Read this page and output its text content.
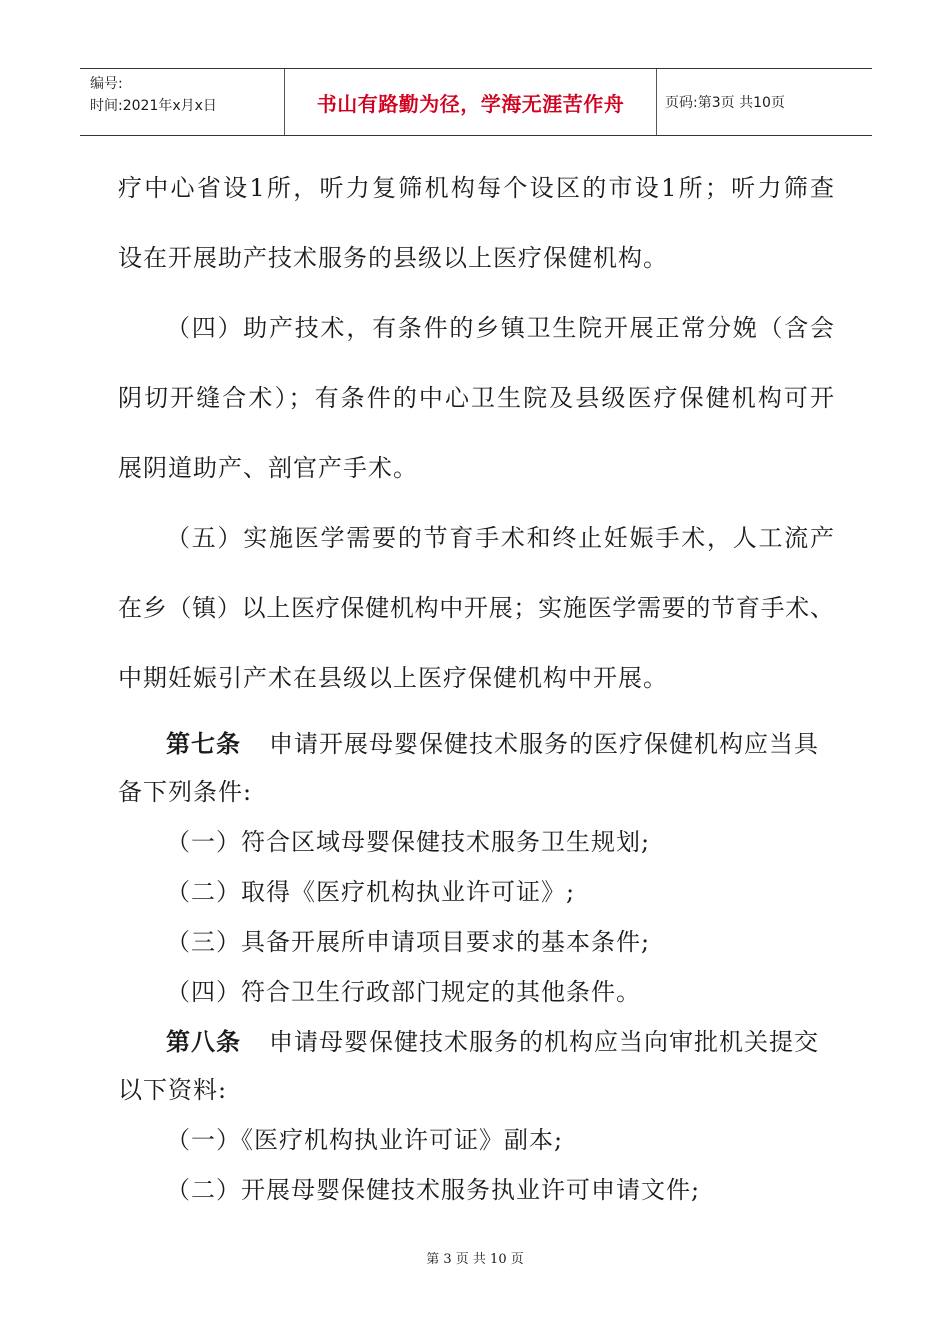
编号:
时间:2021年x月x日	书山有路勤为径，学海无涯苦作舟	页码:第3页 共10页
疗中心省设1所，听力复筛机构每个设区的市设1所；听力筛查
设在开展助产技术服务的县级以上医疗保健机构。
（四）助产技术，有条件的乡镇卫生院开展正常分娩（含会
阴切开缝合术）；有条件的中心卫生院及县级医疗保健机构可开
展阴道助产、剖官产手术。
（五）实施医学需要的节育手术和终止妊娠手术，人工流产
在乡（镇）以上医疗保健机构中开展；实施医学需要的节育手术、
中期妊娠引产术在县级以上医疗保健机构中开展。
第七条 申请开展母婴保健技术服务的医疗保健机构应当具
备下列条件:
（一）符合区域母婴保健技术服务卫生规划;
（二）取得《医疗机构执业许可证》;
（三）具备开展所申请项目要求的基本条件;
（四）符合卫生行政部门规定的其他条件。
第八条 申请母婴保健技术服务的机构应当向审批机关提交
以下资料:
（一）《医疗机构执业许可证》副本;
（二）开展母婴保健技术服务执业许可申请文件;
第 3 页 共 10 页
